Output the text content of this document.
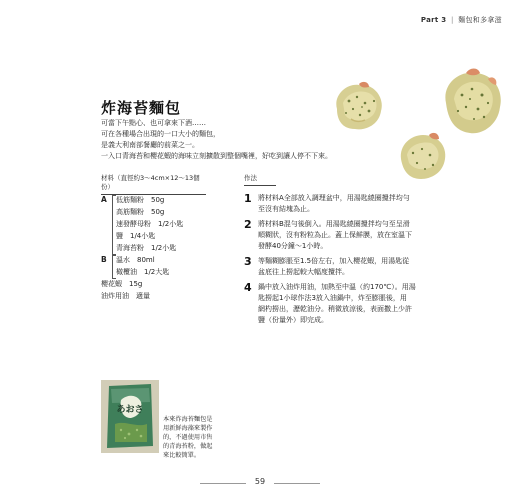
Part 3 | 麵包和多拿滋
炸海苔麵包
可當下午點心、也可拿來下酒……
可在各種場合出現的一口大小的麵包，
是義大利南部餐廳的前菜之一。
一入口青海苔和櫻花蝦的海味立刻擴散到整個嘴裡，好吃到讓人停不下來。
材料（直徑約3～4cm×12～13個份）
A 低筋麵粉　50g
高筋麵粉　50g
速發酵母粉　1/2小匙
鹽　1/4小匙
青海苔粉　1/2小匙
B 溫水　80ml
橄欖油　1/2大匙
櫻花蝦　15g
油炸用油　適量
作法
1 將材料A全部放入調理盆中，用湯匙繞圈攪拌均勻
至沒有結塊為止。
2 將材料B混勻後倒入。用湯匙繞圈攪拌均勻至呈滑
順糊狀，沒有粉粒為止。蓋上保鮮膜，放在室溫下
發酵40分鐘～1小時。
3 等麵糊膨脹至1.5倍左右，加入櫻花蝦，用湯匙從
盆底往上撈起較大幅度攪拌。
4 鍋中放入油炸用油，加熱至中溫（約170℃）。用湯
匙撈起1小球作法3放入油鍋中，炸至膨脹後，用
網杓撈出，瀝乾油分。稍微放涼後，表面撒上少許
鹽（份量外）即完成。
あおさ
本來炸海苔麵包是
用新鮮海藻來製作
的，不過使用市售
的青海苔粉，做起
來比較簡單。
59
